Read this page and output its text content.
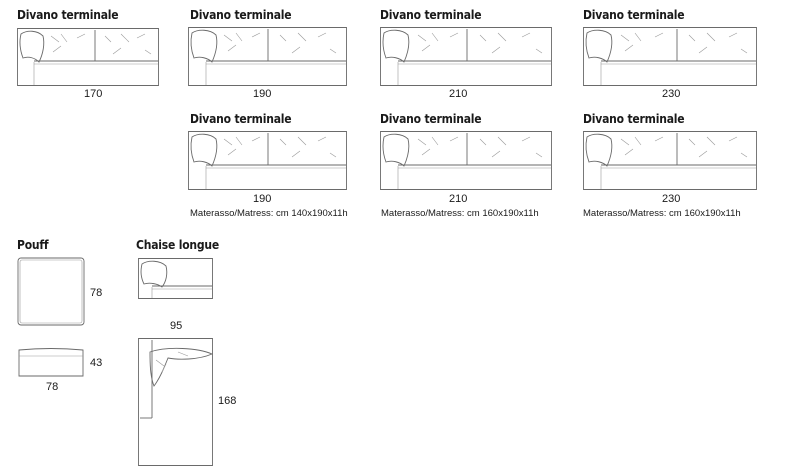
Divano terminale	Divano terminale	Divano terminale	Divano terminale
170	190	210	230
Divano terminale	Divano terminale	Divano terminale
190
Materasso/Matress: cm 140x190x11h
210
Materasso/Matress: cm 160x190x11h
230
Materasso/Matress: cm 160x190x11h
Pouff
78
43
78
Chaise longue
95
168
